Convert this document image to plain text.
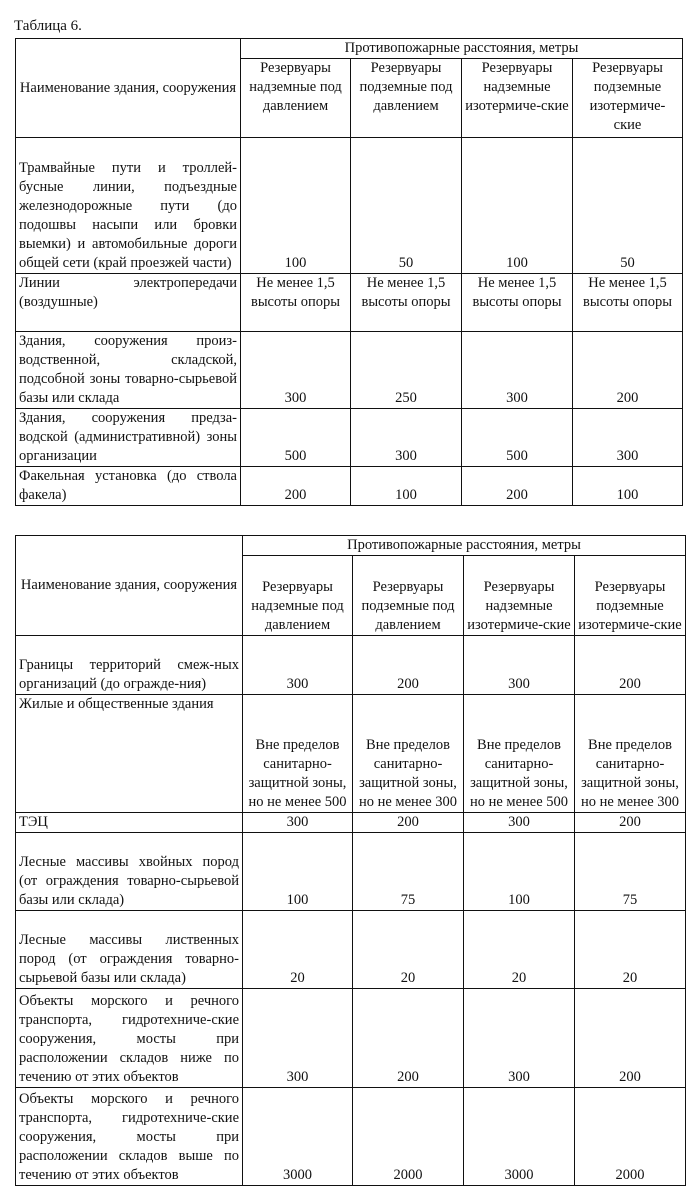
Таблица 6.
Наименование здания, сооружения	Противопожарные расстояния, метры			
	Резервуары надземные под давлением	Резервуары подземные под давлением	Резервуары надземные изотермиче-ские	Резервуары подземные изотермиче-ские
Трамвайные пути и троллей-бусные линии, подъездные железнодорожные пути (до подошвы насыпи или бровки выемки) и автомобильные дороги общей сети (край проезжей части)	100	50	100	50
Линии электропередачи (воздушные)	Не менее 1,5 высоты опоры	Не менее 1,5 высоты опоры	Не менее 1,5 высоты опоры	Не менее 1,5 высоты опоры
Здания, сооружения произ-водственной, складской, подсобной зоны товарно-сырьевой базы или склада	300	250	300	200
Здания, сооружения предза-водской (административной) зоны организации	500	300	500	300
Факельная установка (до ствола факела)	200	100	200	100
Наименование здания, сооружения	Противопожарные расстояния, метры			
	Резервуары надземные под давлением	Резервуары подземные под давлением	Резервуары надземные изотермиче-ские	Резервуары подземные изотермиче-ские
Границы территорий смеж-ных организаций (до огражде-ния)	300	200	300	200
Жилые и общественные здания	Вне пределов санитарно-защитной зоны, но не менее 500	Вне пределов санитарно-защитной зоны, но не менее 300	Вне пределов санитарно-защитной зоны, но не менее 500	Вне пределов санитарно-защитной зоны, но не менее 300
ТЭЦ	300	200	300	200
Лесные массивы хвойных пород (от ограждения товарно-сырьевой базы или склада)	100	75	100	75
Лесные массивы лиственных пород (от ограждения товарно-сырьевой базы или склада)	20	20	20	20
Объекты морского и речного транспорта, гидротехниче-ские сооружения, мосты при расположении складов ниже по течению от этих объектов	300	200	300	200
Объекты морского и речного транспорта, гидротехниче-ские сооружения, мосты при расположении складов выше по течению от этих объектов	3000	2000	3000	2000
